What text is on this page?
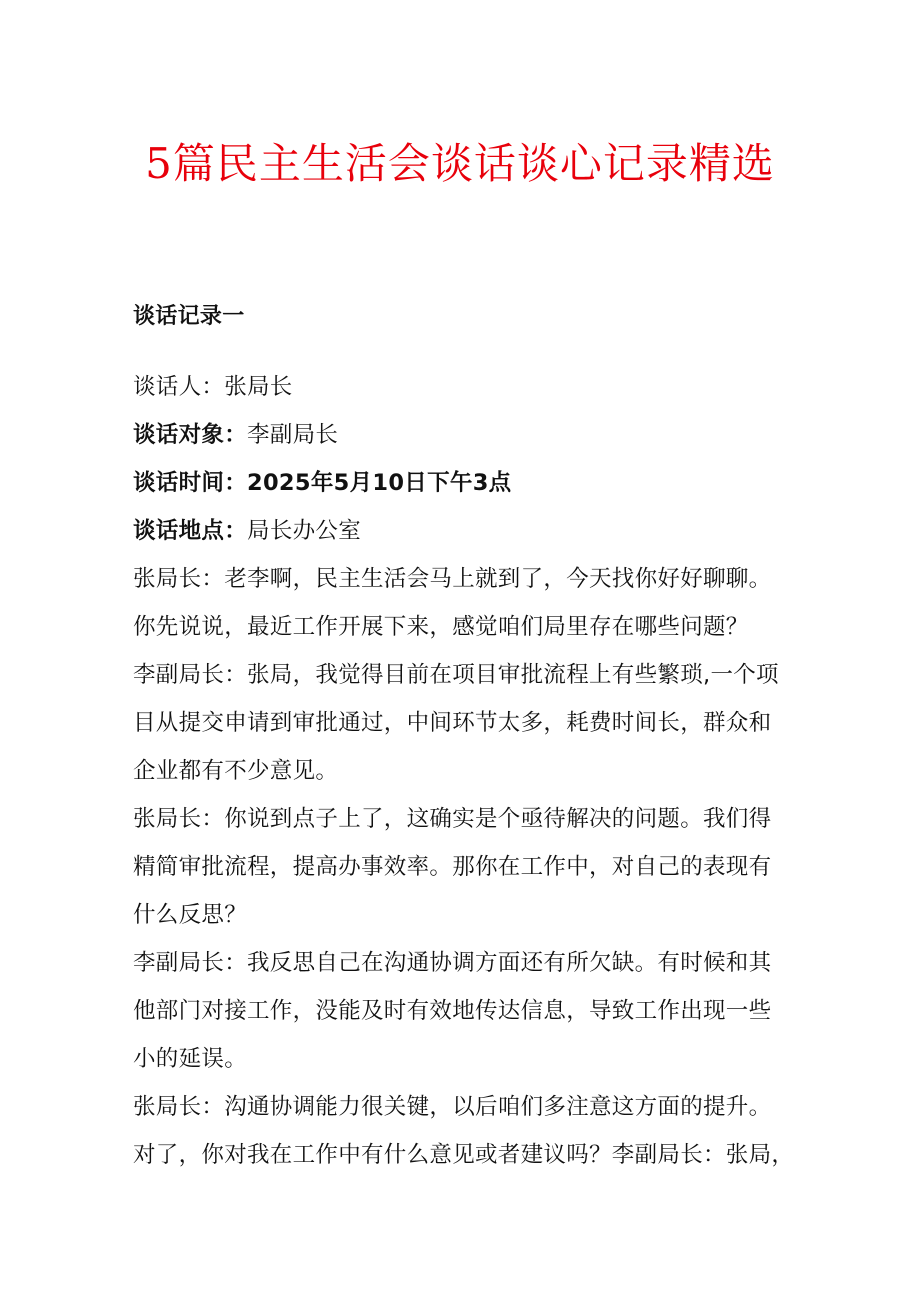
5篇民主生活会谈话谈心记录精选
谈话记录一
谈话人：张局长
谈话对象：李副局长
谈话时间：2025年5月10日下午3点
谈话地点：局长办公室
张局长：老李啊，民主生活会马上就到了，今天找你好好聊聊。
你先说说，最近工作开展下来，感觉咱们局里存在哪些问题？
李副局长：张局，我觉得目前在项目审批流程上有些繁琐,一个项
目从提交申请到审批通过，中间环节太多，耗费时间长，群众和
企业都有不少意见。
张局长：你说到点子上了，这确实是个亟待解决的问题。我们得
精简审批流程，提高办事效率。那你在工作中，对自己的表现有
什么反思？
李副局长：我反思自己在沟通协调方面还有所欠缺。有时候和其
他部门对接工作，没能及时有效地传达信息，导致工作出现一些
小的延误。
张局长：沟通协调能力很关键，以后咱们多注意这方面的提升。
对了，你对我在工作中有什么意见或者建议吗？李副局长：张局，
